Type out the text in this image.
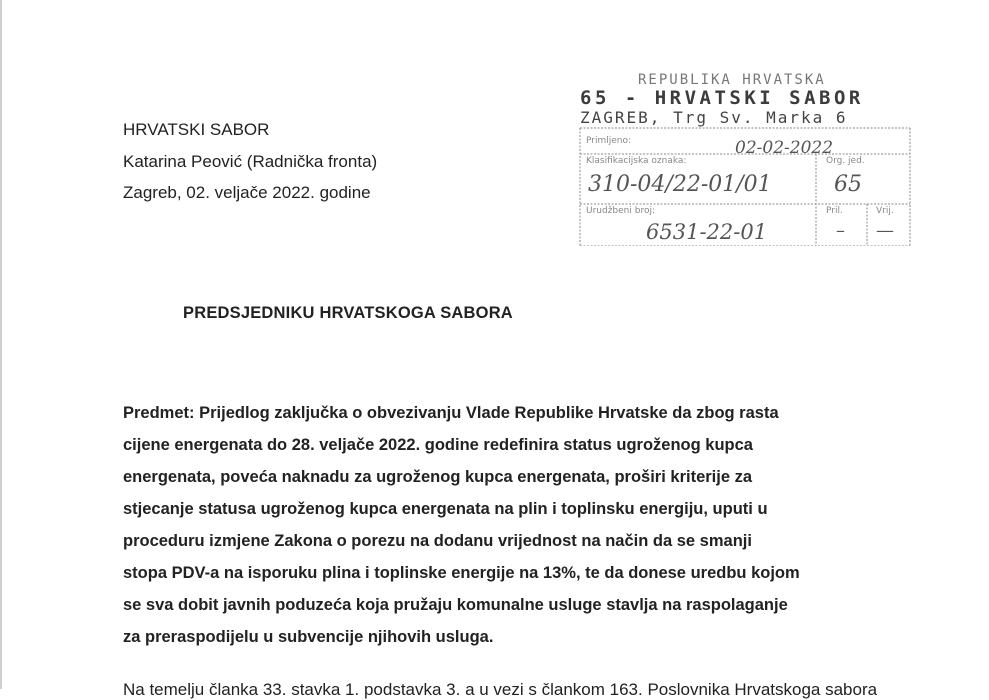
HRVATSKI SABOR
Katarina Peović (Radnička fronta)
Zagreb, 02. veljače 2022. godine
REPUBLIKA HRVATSKA
65 - HRVATSKI SABOR
ZAGREB, Trg Sv. Marka 6
Primljeno:	02-02-2022
Klasifikacijska oznaka:	Org. jed.
310-04/22-01/01	65
Urudžbeni broj:	Pril.	Vrij.
6531-22-01	– —
PREDSJEDNIKU HRVATSKOGA SABORA
Predmet: Prijedlog zaključka o obvezivanju Vlade Republike Hrvatske da zbog rasta
cijene energenata do 28. veljače 2022. godine redefinira status ugroženog kupca
energenata, poveća naknadu za ugroženog kupca energenata, proširi kriterije za
stjecanje statusa ugroženog kupca energenata na plin i toplinsku energiju, uputi u
proceduru izmjene Zakona o porezu na dodanu vrijednost na način da se smanji
stopa PDV-a na isporuku plina i toplinske energije na 13%, te da donese uredbu kojom
se sva dobit javnih poduzeća koja pružaju komunalne usluge stavlja na raspolaganje
za preraspodijelu u subvencije njihovih usluga.
Na temelju članka 33. stavka 1. podstavka 3. a u vezi s člankom 163. Poslovnika Hrvatskoga sabora
